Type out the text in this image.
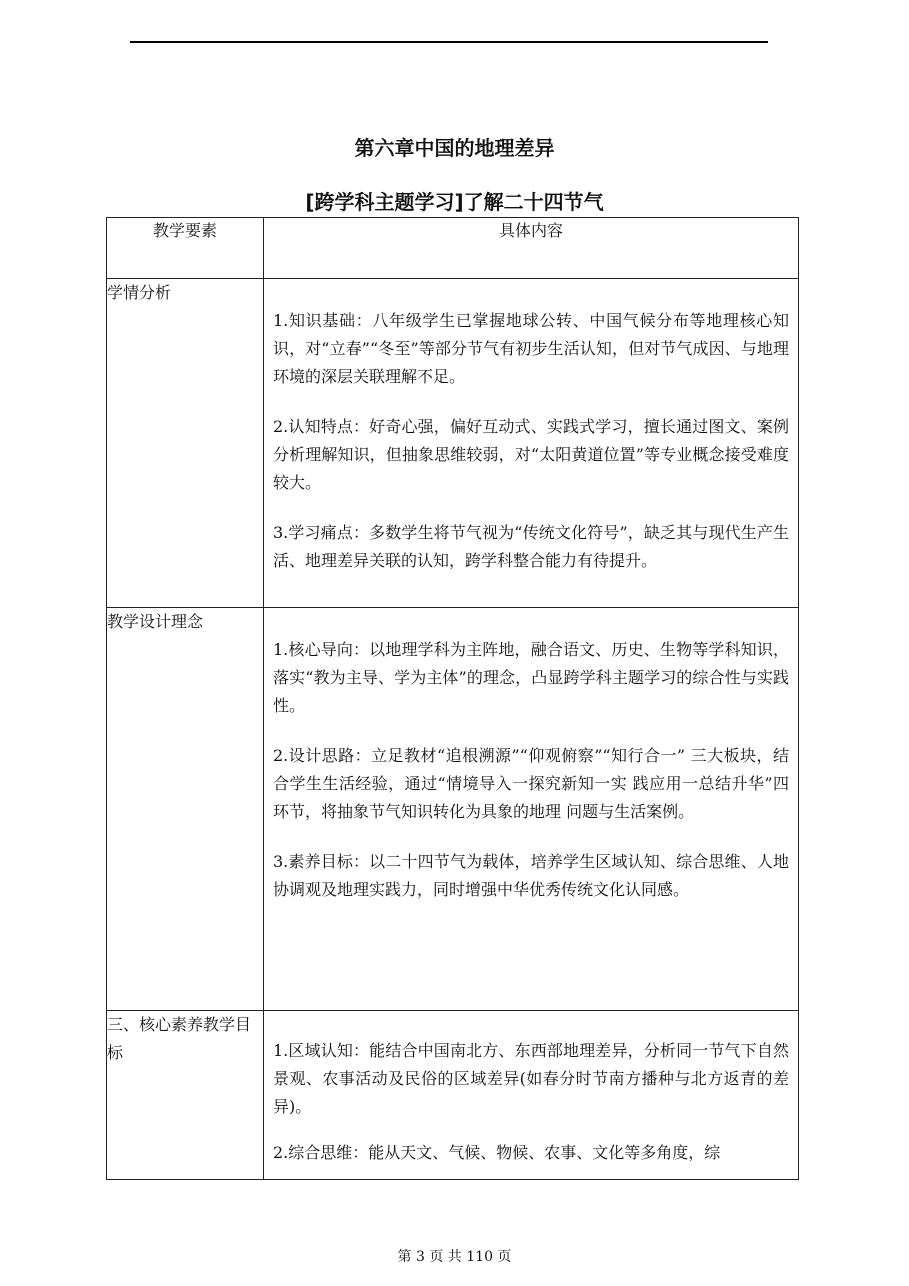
第六章中国的地理差异
[跨学科主题学习]了解二十四节气
教学要素	具体内容
学情分析	1.知识基础：八年级学生已掌握地球公转、中国气候分布等地理核心知识，对“立春”“冬至”等部分节气有初步生活认知，但对节气成因、与地理环境的深层关联理解不足。

2.认知特点：好奇心强，偏好互动式、实践式学习，擅长通过图文、案例分析理解知识，但抽象思维较弱，对“太阳黄道位置”等专业概念接受难度较大。

3.学习痛点：多数学生将节气视为“传统文化符号”，缺乏其与现代生产生活、地理差异关联的认知，跨学科整合能力有待提升。

教学设计理念	1.核心导向：以地理学科为主阵地，融合语文、历史、生物等学科知识，落实“教为主导、学为主体”的理念，凸显跨学科主题学习的综合性与实践性。

2.设计思路：立足教材“追根溯源”“仰观俯察”“知行合一” 三大板块，结合学生生活经验，通过“情境导入一探究新知一实 践应用一总结升华”四环节，将抽象节气知识转化为具象的地理 问题与生活案例。

3.素养目标：以二十四节气为载体，培养学生区域认知、综合思维、人地协调观及地理实践力，同时增强中华优秀传统文化认同感。

三、核心素养教学目标	1.区域认知：能结合中国南北方、东西部地理差异，分析同一节气下自然景观、农事活动及民俗的区域差异(如春分时节南方播种与北方返青的差异)。

2.综合思维：能从天文、气候、物候、农事、文化等多角度，综

第 3 页 共 110 页
